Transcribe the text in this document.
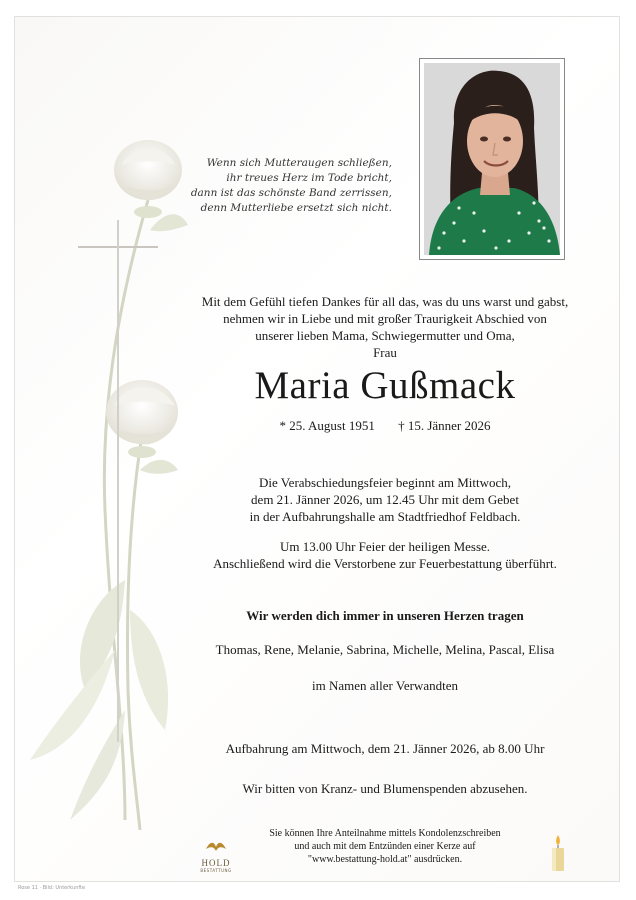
Wenn sich Mutteraugen schließen,
ihr treues Herz im Tode bricht,
dann ist das schönste Band zerrissen,
denn Mutterliebe ersetzt sich nicht.
Mit dem Gefühl tiefen Dankes für all das, was du uns warst und gabst,
nehmen wir in Liebe und mit großer Traurigkeit Abschied von
unserer lieben Mama, Schwiegermutter und Oma,
Frau
Maria Gußmack
* 25. August 1951 † 15. Jänner 2026
Die Verabschiedungsfeier beginnt am Mittwoch,
dem 21. Jänner 2026, um 12.45 Uhr mit dem Gebet
in der Aufbahrungshalle am Stadtfriedhof Feldbach.
Um 13.00 Uhr Feier der heiligen Messe.
Anschließend wird die Verstorbene zur Feuerbestattung überführt.
Wir werden dich immer in unseren Herzen tragen
Thomas, Rene, Melanie, Sabrina, Michelle, Melina, Pascal, Elisa
im Namen aller Verwandten
Aufbahrung am Mittwoch, dem 21. Jänner 2026, ab 8.00 Uhr
Wir bitten von Kranz- und Blumenspenden abzusehen.
Sie können Ihre Anteilnahme mittels Kondolenzschreiben
und auch mit dem Entzünden einer Kerze auf
"www.bestattung-hold.at" ausdrücken.
HOLD
BESTATTUNG
Rose 11 · Bild: Unterkunfte
